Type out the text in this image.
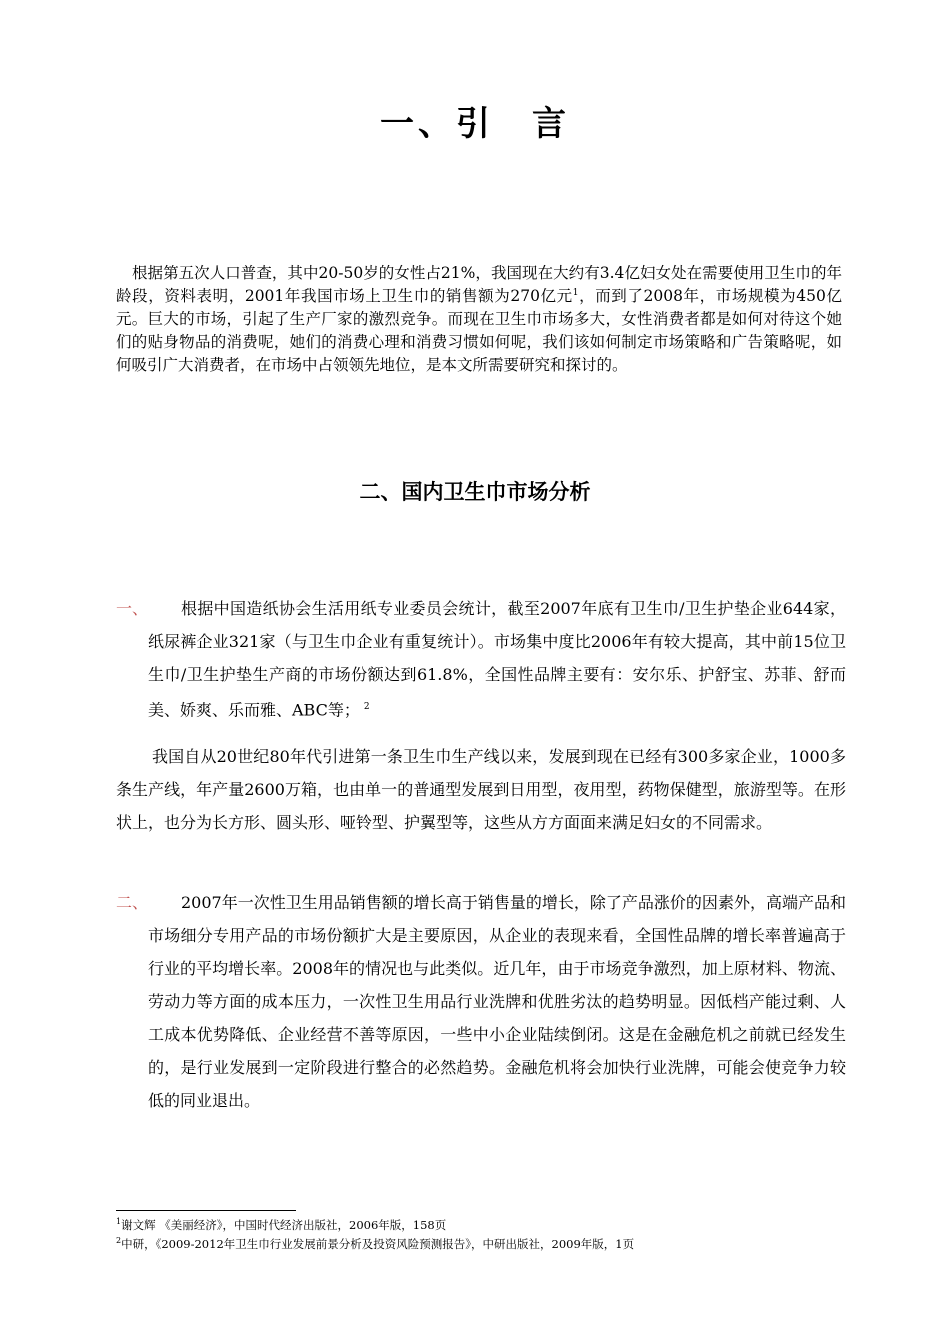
一、引　言
根据第五次人口普查，其中20-50岁的女性占21%，我国现在大约有3.4亿妇女处在需要使用卫生巾的年龄段，资料表明，2001年我国市场上卫生巾的销售额为270亿元$^1$，而到了2008年，市场规模为450亿元。巨大的市场，引起了生产厂家的激烈竞争。而现在卫生巾市场多大，女性消费者都是如何对待这个她们的贴身物品的消费呢，她们的消费心理和消费习惯如何呢，我们该如何制定市场策略和广告策略呢，如何吸引广大消费者，在市场中占领领先地位，是本文所需要研究和探讨的。
二、国内卫生巾市场分析
一、	根据中国造纸协会生活用纸专业委员会统计，截至2007年底有卫生巾/卫生护垫企业644家，纸尿裤企业321家（与卫生巾企业有重复统计）。市场集中度比2006年有较大提高，其中前15位卫生巾/卫生护垫生产商的市场份额达到61.8%，全国性品牌主要有：安尔乐、护舒宝、苏菲、舒而美、娇爽、乐而雅、ABC等； $^2$
我国自从20世纪80年代引进第一条卫生巾生产线以来，发展到现在已经有300多家企业，1000多条生产线，年产量2600万箱，也由单一的普通型发展到日用型，夜用型，药物保健型，旅游型等。在形状上，也分为长方形、圆头形、哑铃型、护翼型等，这些从方方面面来满足妇女的不同需求。
二、	2007年一次性卫生用品销售额的增长高于销售量的增长，除了产品涨价的因素外，高端产品和市场细分专用产品的市场份额扩大是主要原因，从企业的表现来看，全国性品牌的增长率普遍高于行业的平均增长率。2008年的情况也与此类似。近几年，由于市场竞争激烈，加上原材料、物流、劳动力等方面的成本压力，一次性卫生用品行业洗牌和优胜劣汰的趋势明显。因低档产能过剩、人工成本优势降低、企业经营不善等原因，一些中小企业陆续倒闭。这是在金融危机之前就已经发生的，是行业发展到一定阶段进行整合的必然趋势。金融危机将会加快行业洗牌，可能会使竞争力较低的同业退出。
$^1$谢文辉 《美丽经济》，中国时代经济出版社，2006年版，158页
$^2$中研，《2009-2012年卫生巾行业发展前景分析及投资风险预测报告》，中研出版社，2009年版，1页
